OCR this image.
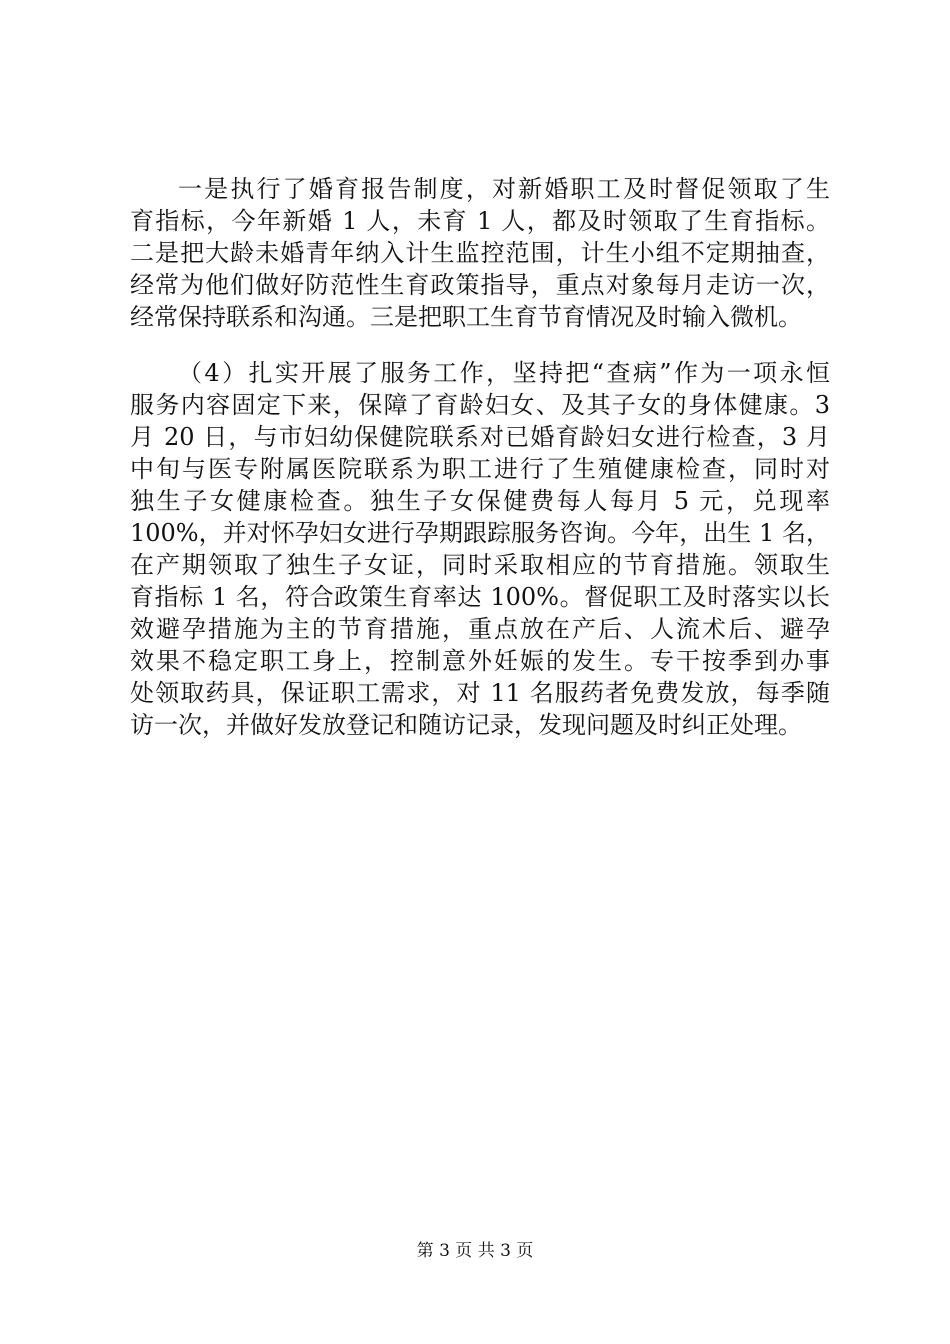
一是执行了婚育报告制度，对新婚职工及时督促领取了生
育指标，今年新婚 1 人，未育 1 人，都及时领取了生育指标。
二是把大龄未婚青年纳入计生监控范围，计生小组不定期抽查，
经常为他们做好防范性生育政策指导，重点对象每月走访一次，
经常保持联系和沟通。三是把职工生育节育情况及时输入微机。
（4）扎实开展了服务工作，坚持把“查病”作为一项永恒
服务内容固定下来，保障了育龄妇女、及其子女的身体健康。3
月 20 日，与市妇幼保健院联系对已婚育龄妇女进行检查，3 月
中旬与医专附属医院联系为职工进行了生殖健康检查，同时对
独生子女健康检查。独生子女保健费每人每月 5 元，兑现率
100%，并对怀孕妇女进行孕期跟踪服务咨询。今年，出生 1 名，
在产期领取了独生子女证，同时采取相应的节育措施。领取生
育指标 1 名，符合政策生育率达 100%。督促职工及时落实以长
效避孕措施为主的节育措施，重点放在产后、人流术后、避孕
效果不稳定职工身上，控制意外妊娠的发生。专干按季到办事
处领取药具，保证职工需求，对 11 名服药者免费发放，每季随
访一次，并做好发放登记和随访记录，发现问题及时纠正处理。
第 3 页 共 3 页
